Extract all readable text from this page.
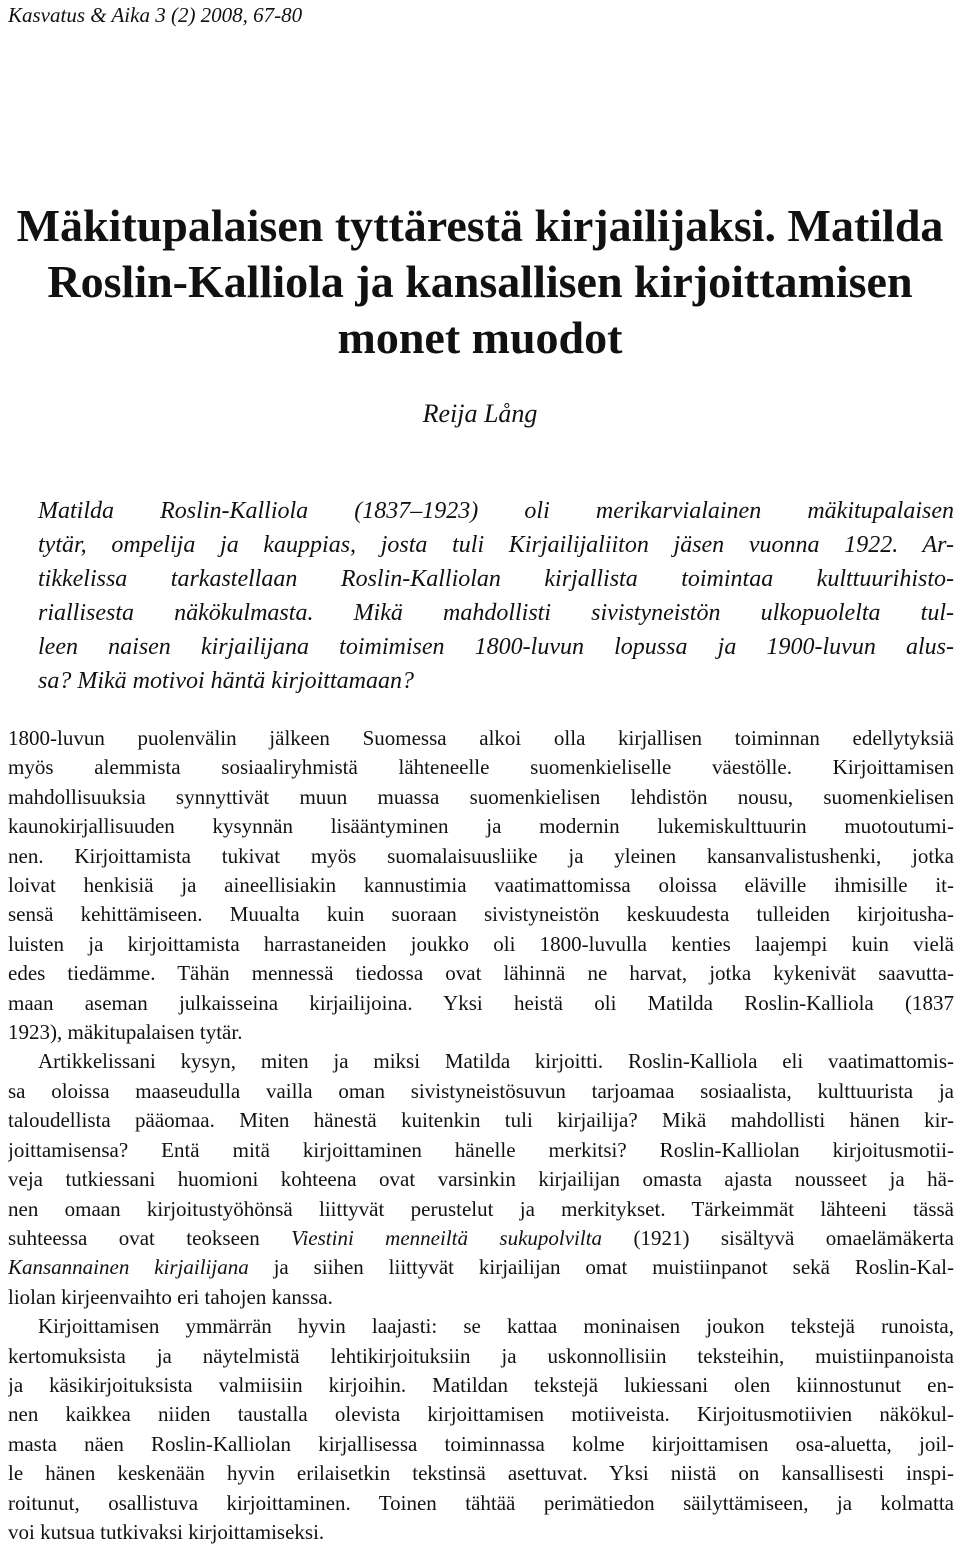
Kasvatus & Aika 3 (2) 2008, 67-80
Mäkitupalaisen tyttärestä kirjailijaksi. Matilda
Roslin-Kalliola ja kansallisen kirjoittamisen
monet muodot
Reija Lång
Matilda Roslin-Kalliola (1837–1923) oli merikarvialainen mäkitupalaisen
tytär, ompelija ja kauppias, josta tuli Kirjailijaliiton jäsen vuonna 1922. Ar-
tikkelissa tarkastellaan Roslin-Kalliolan kirjallista toimintaa kulttuurihisto-
riallisesta näkökulmasta. Mikä mahdollisti sivistyneistön ulkopuolelta tul-
leen naisen kirjailijana toimimisen 1800-luvun lopussa ja 1900-luvun alus-
sa? Mikä motivoi häntä kirjoittamaan?
1800-luvun puolenvälin jälkeen Suomessa alkoi olla kirjallisen toiminnan edellytyksiä
myös alemmista sosiaaliryhmistä lähteneelle suomenkieliselle väestölle. Kirjoittamisen
mahdollisuuksia synnyttivät muun muassa suomenkielisen lehdistön nousu, suomenkielisen
kaunokirjallisuuden kysynnän lisääntyminen ja modernin lukemiskulttuurin muotoutumi-
nen. Kirjoittamista tukivat myös suomalaisuusliike ja yleinen kansanvalistushenki, jotka
loivat henkisiä ja aineellisiakin kannustimia vaatimattomissa oloissa eläville ihmisille it-
sensä kehittämiseen. Muualta kuin suoraan sivistyneistön keskuudesta tulleiden kirjoitusha-
luisten ja kirjoittamista harrastaneiden joukko oli 1800-luvulla kenties laajempi kuin vielä
edes tiedämme. Tähän mennessä tiedossa ovat lähinnä ne harvat, jotka kykenivät saavutta-
maan aseman julkaisseina kirjailijoina. Yksi heistä oli Matilda Roslin-Kalliola (1837
1923), mäkitupalaisen tytär.
Artikkelissani kysyn, miten ja miksi Matilda kirjoitti. Roslin-Kalliola eli vaatimattomis-
sa oloissa maaseudulla vailla oman sivistyneistösuvun tarjoamaa sosiaalista, kulttuurista ja
taloudellista pääomaa. Miten hänestä kuitenkin tuli kirjailija? Mikä mahdollisti hänen kir-
joittamisensa? Entä mitä kirjoittaminen hänelle merkitsi? Roslin-Kalliolan kirjoitusmotii-
veja tutkiessani huomioni kohteena ovat varsinkin kirjailijan omasta ajasta nousseet ja hä-
nen omaan kirjoitustyöhönsä liittyvät perustelut ja merkitykset. Tärkeimmät lähteeni tässä
suhteessa ovat teokseen Viestini menneiltä sukupolvilta (1921) sisältyvä omaelämäkerta
Kansannainen kirjailijana ja siihen liittyvät kirjailijan omat muistiinpanot sekä Roslin-Kal-
liolan kirjeenvaihto eri tahojen kanssa.
Kirjoittamisen ymmärrän hyvin laajasti: se kattaa moninaisen joukon tekstejä runoista,
kertomuksista ja näytelmistä lehtikirjoituksiin ja uskonnollisiin teksteihin, muistiinpanoista
ja käsikirjoituksista valmiisiin kirjoihin. Matildan tekstejä lukiessani olen kiinnostunut en-
nen kaikkea niiden taustalla olevista kirjoittamisen motiiveista. Kirjoitusmotiivien näkökul-
masta näen Roslin-Kalliolan kirjallisessa toiminnassa kolme kirjoittamisen osa-aluetta, joil-
le hänen keskenään hyvin erilaisetkin tekstinsä asettuvat. Yksi niistä on kansallisesti inspi-
roitunut, osallistuva kirjoittaminen. Toinen tähtää perimätiedon säilyttämiseen, ja kolmatta
voi kutsua tutkivaksi kirjoittamiseksi.
